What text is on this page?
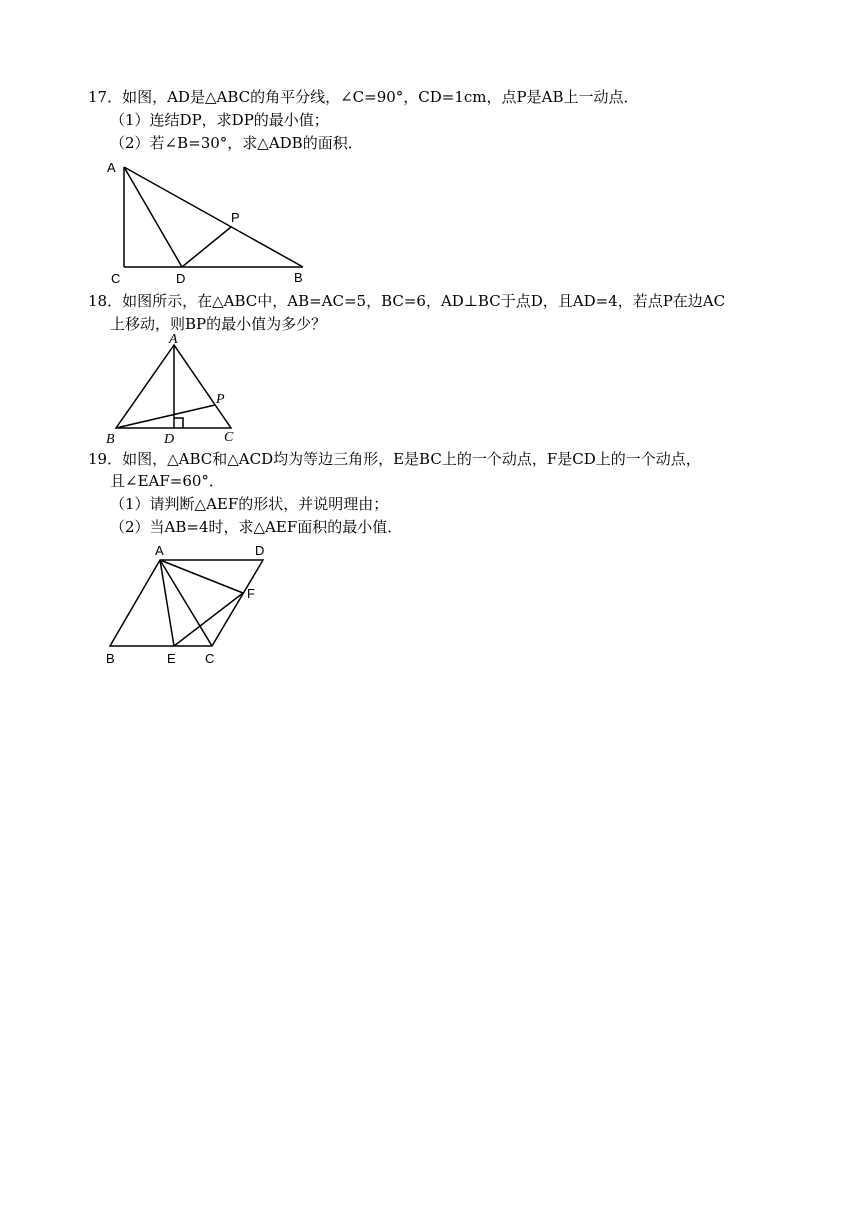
17．如图，AD是△ABC的角平分线，∠C=90°，CD=1cm，点P是AB上一动点．
（1）连结DP，求DP的最小值；
（2）若∠B=30°，求△ADB的面积．
A
C	D	B
P
18．如图所示，在△ABC中，AB=AC=5，BC=6，AD⊥BC于点D，且AD=4，若点P在边AC
上移动，则BP的最小值为多少？
A
B	D	C
P
19．如图，△ABC和△ACD均为等边三角形，E是BC上的一个动点，F是CD上的一个动点，
且∠EAF=60°．
（1）请判断△AEF的形状，并说明理由；
（2）当AB=4时，求△AEF面积的最小值．
A	D
F
B	E C
